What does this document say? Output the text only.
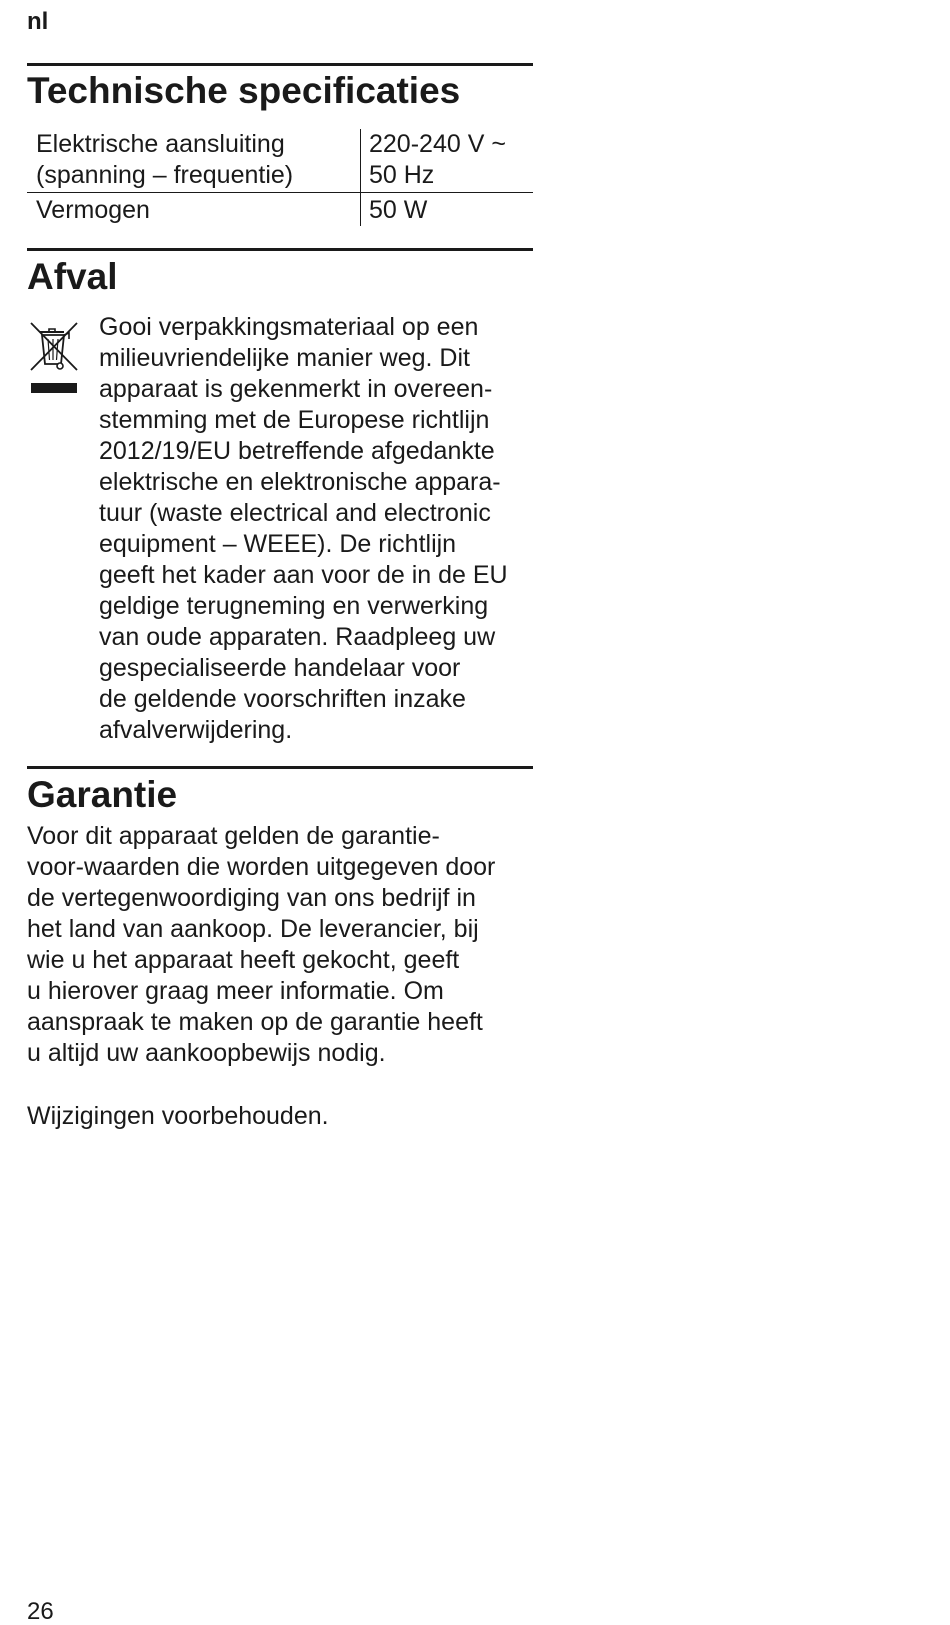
nl
Technische specificaties
Elektrische aansluiting
(spanning – frequentie)	220-240 V ~
50 Hz

Vermogen	50 W
Afval
Gooi verpakkingsmateriaal op een
milieuvriendelijke manier weg. Dit
apparaat is gekenmerkt in overeen-
stemming met de Europese richtlijn
2012/19/EU betreffende afgedankte
elektrische en elektronische appara-
tuur (waste electrical and electronic
equipment – WEEE). De richtlijn
geeft het kader aan voor de in de EU
geldige terugneming en verwerking
van oude apparaten. Raadpleeg uw
gespecialiseerde handelaar voor
de geldende voorschriften inzake
afvalverwijdering.
Garantie
Voor dit apparaat gelden de garantie-
voor-waarden die worden uitgegeven door
de vertegenwoordiging van ons bedrijf in
het land van aankoop. De leverancier, bij
wie u het apparaat heeft gekocht, geeft
u hierover graag meer informatie. Om
aanspraak te maken op de garantie heeft
u altijd uw aankoopbewijs nodig.
Wijzigingen voorbehouden.
26
